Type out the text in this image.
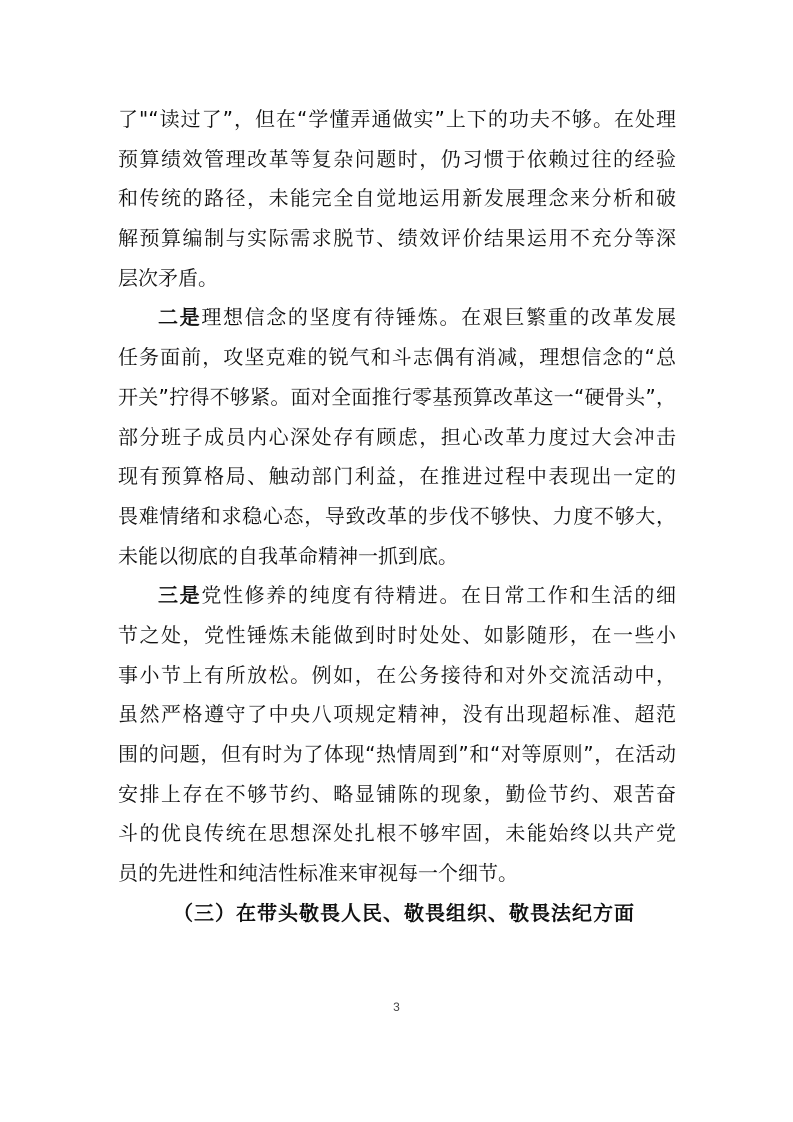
了"“读过了”，但在“学懂弄通做实”上下的功夫不够。在处理
预算绩效管理改革等复杂问题时，仍习惯于依赖过往的经验
和传统的路径，未能完全自觉地运用新发展理念来分析和破
解预算编制与实际需求脱节、绩效评价结果运用不充分等深
层次矛盾。
二是理想信念的坚度有待锤炼。在艰巨繁重的改革发展
任务面前，攻坚克难的锐气和斗志偶有消减，理想信念的“总
开关”拧得不够紧。面对全面推行零基预算改革这一“硬骨头”，
部分班子成员内心深处存有顾虑，担心改革力度过大会冲击
现有预算格局、触动部门利益，在推进过程中表现出一定的
畏难情绪和求稳心态，导致改革的步伐不够快、力度不够大，
未能以彻底的自我革命精神一抓到底。
三是党性修养的纯度有待精进。在日常工作和生活的细
节之处，党性锤炼未能做到时时处处、如影随形，在一些小
事小节上有所放松。例如，在公务接待和对外交流活动中，
虽然严格遵守了中央八项规定精神，没有出现超标准、超范
围的问题，但有时为了体现“热情周到”和“对等原则”，在活动
安排上存在不够节约、略显铺陈的现象，勤俭节约、艰苦奋
斗的优良传统在思想深处扎根不够牢固，未能始终以共产党
员的先进性和纯洁性标准来审视每一个细节。
（三）在带头敬畏人民、敬畏组织、敬畏法纪方面
3
